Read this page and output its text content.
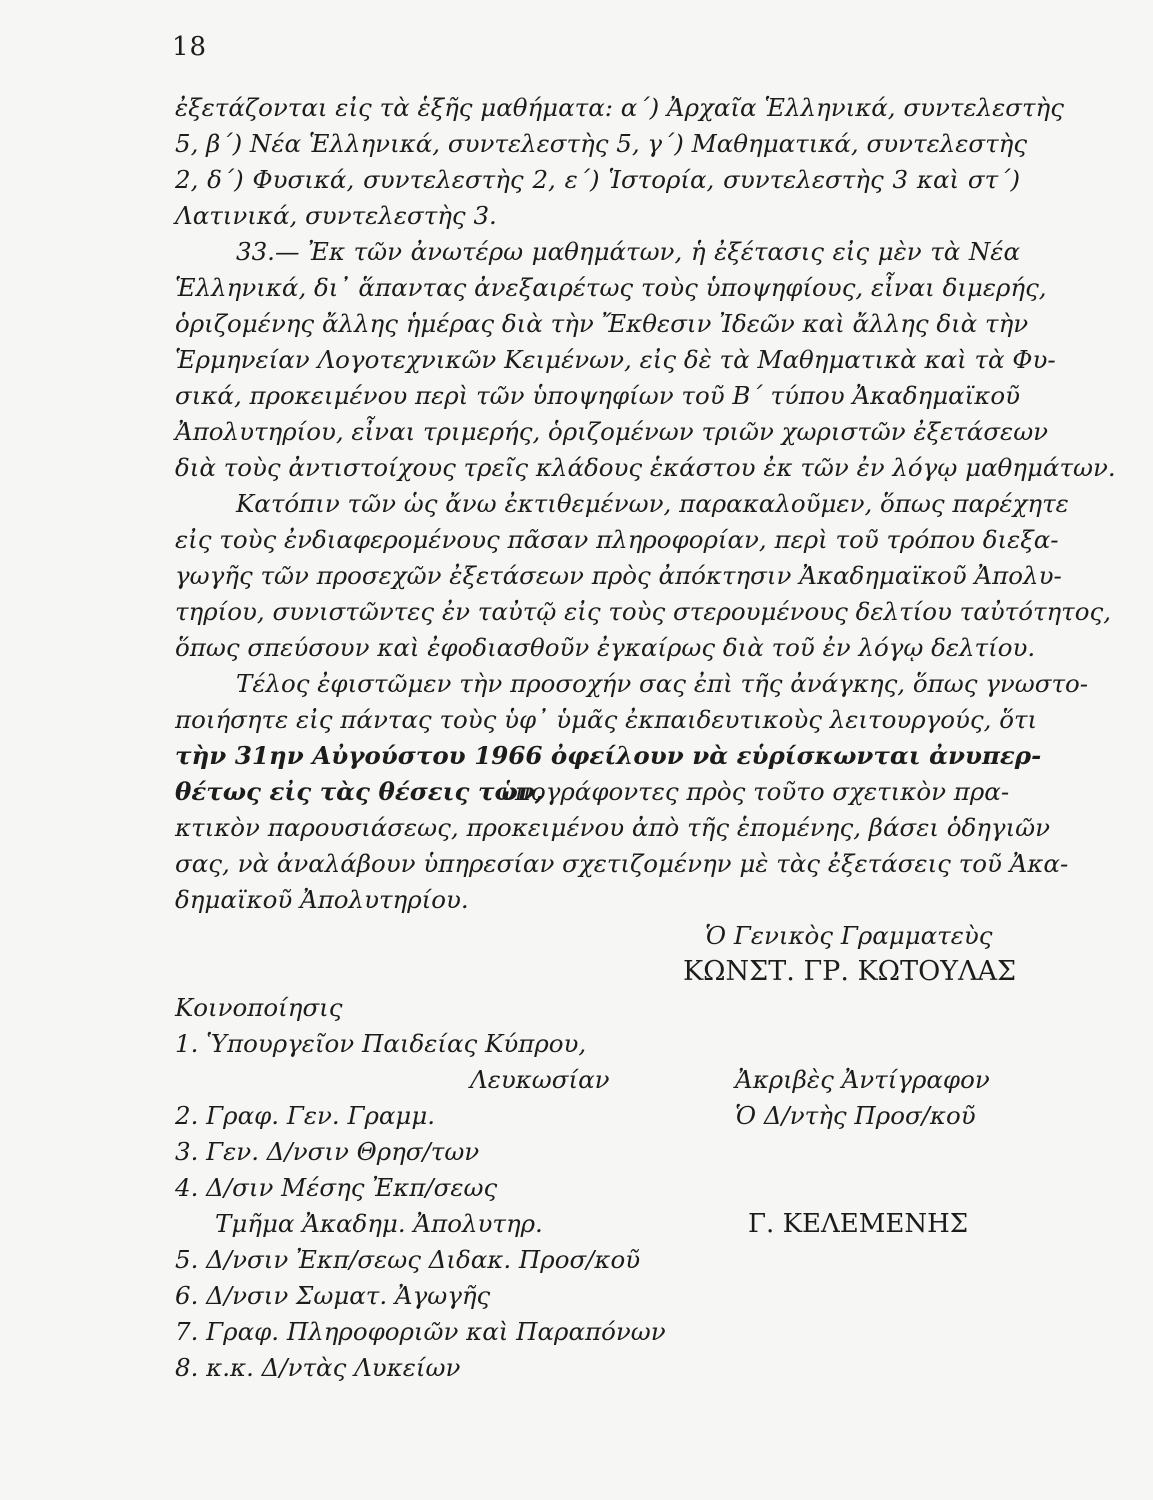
18
ἐξετάζονται εἰς τὰ ἑξῆς μαθήματα: α΄) Ἀρχαῖα Ἑλληνικά, συντελεστὴς
5, β΄) Νέα Ἑλληνικά, συντελεστὴς 5, γ΄) Μαθηματικά, συντελεστὴς
2, δ΄) Φυσικά, συντελεστὴς 2, ε΄) Ἱστορία, συντελεστὴς 3 καὶ στ΄)
Λατινικά, συντελεστὴς 3.
33.— Ἐκ τῶν ἀνωτέρω μαθημάτων, ἡ ἐξέτασις εἰς μὲν τὰ Νέα
Ἑλληνικά, δι᾽ ἅπαντας ἀνεξαιρέτως τοὺς ὑποψηφίους, εἶναι διμερής,
ὁριζομένης ἄλλης ἡμέρας διὰ τὴν Ἔκθεσιν Ἰδεῶν καὶ ἄλλης διὰ τὴν
Ἑρμηνείαν Λογοτεχνικῶν Κειμένων, εἰς δὲ τὰ Μαθηματικὰ καὶ τὰ Φυ-
σικά, προκειμένου περὶ τῶν ὑποψηφίων τοῦ Β΄ τύπου Ἀκαδημαϊκοῦ
Ἀπολυτηρίου, εἶναι τριμερής, ὁριζομένων τριῶν χωριστῶν ἐξετάσεων
διὰ τοὺς ἀντιστοίχους τρεῖς κλάδους ἑκάστου ἐκ τῶν ἐν λόγῳ μαθημάτων.
Κατόπιν τῶν ὡς ἄνω ἐκτιθεμένων, παρακαλοῦμεν, ὅπως παρέχητε
εἰς τοὺς ἐνδιαφερομένους πᾶσαν πληροφορίαν, περὶ τοῦ τρόπου διεξα-
γωγῆς τῶν προσεχῶν ἐξετάσεων πρὸς ἀπόκτησιν Ἀκαδημαϊκοῦ Ἀπολυ-
τηρίου, συνιστῶντες ἐν ταὐτῷ εἰς τοὺς στερουμένους δελτίου ταὐτότητος,
ὅπως σπεύσουν καὶ ἐφοδιασθοῦν ἐγκαίρως διὰ τοῦ ἐν λόγῳ δελτίου.
Τέλος ἐφιστῶμεν τὴν προσοχήν σας ἐπὶ τῆς ἀνάγκης, ὅπως γνωστο-
ποιήσητε εἰς πάντας τοὺς ὑφ᾽ ὑμᾶς ἐκπαιδευτικοὺς λειτουργούς, ὅτι
τὴν 31ην Αὐγούστου 1966 ὀφείλουν νὰ εὑρίσκωνται ἀνυπερ-
θέτως εἰς τὰς θέσεις των,
ὑπογράφοντες πρὸς τοῦτο σχετικὸν πρα-
κτικὸν παρουσιάσεως, προκειμένου ἀπὸ τῆς ἑπομένης, βάσει ὁδηγιῶν
σας, νὰ ἀναλάβουν ὑπηρεσίαν σχετιζομένην μὲ τὰς ἐξετάσεις τοῦ Ἀκα-
δημαϊκοῦ Ἀπολυτηρίου.
Ὁ Γενικὸς Γραμματεὺς
ΚΩΝΣΤ. ΓΡ. ΚΩΤΟΥΛΑΣ
Κοινοποίησις
1. Ὑπουργεῖον Παιδείας Κύπρου,
Λευκωσίαν
2. Γραφ. Γεν. Γραμμ.
3. Γεν. Δ/νσιν Θρησ/των
4. Δ/σιν Μέσης Ἐκπ/σεως
Τμῆμα Ἀκαδημ. Ἀπολυτηρ.
5. Δ/νσιν Ἐκπ/σεως Διδακ. Προσ/κοῦ
6. Δ/νσιν Σωματ. Ἀγωγῆς
7. Γραφ. Πληροφοριῶν καὶ Παραπόνων
8. κ.κ. Δ/ντὰς Λυκείων
Ἀκριβὲς Ἀντίγραφον
Ὁ Δ/ντὴς Προσ/κοῦ
Γ. ΚΕΛΕΜΕΝΗΣ
